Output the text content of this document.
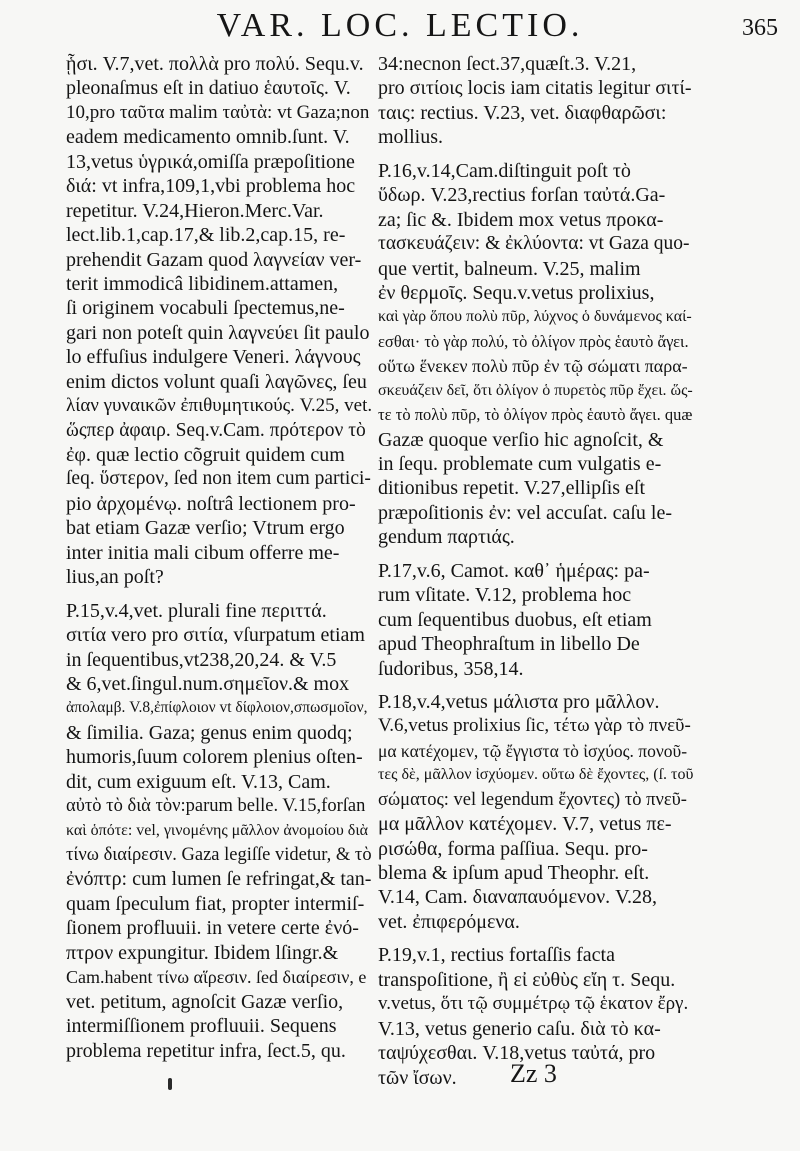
VAR. LOC. LECTIO.	365
ᾗσι. V.7,vet. πολλὰ pro πολύ. Sequ.v.
pleonaſmus eſt in datiuo ἑαυτοῖς. V.
10,pro ταῦτα malim ταὐτὰ: vt Gaza;non
eadem medicamento omnib.ſunt. V.
13,vetus ὑγρικά,omiſſa præpoſitione
διά: vt infra,109,1,vbi problema hoc
repetitur. V.24,Hieron.Merc.Var.
lect.lib.1,cap.17,& lib.2,cap.15, re-
prehendit Gazam quod λαγνείαν ver-
terit immodicâ libidinem.attamen,
ſi originem vocabuli ſpectemus,ne-
gari non poteſt quin λαγνεύει ſit paulo
lo effuſius indulgere Veneri. λάγνους
enim dictos volunt quaſi λαγῶνες, ſeu
λίαν γυναικῶν ἐπιθυμητικούς. V.25, vet.
ὥςπερ ἀφαιρ. Seq.v.Cam. πρότερον τὸ
ἐφ. quæ lectio cõgruit quidem cum
ſeq. ὕστερον, ſed non item cum partici-
pio ἀρχομένῳ. noſtrâ lectionem pro-
bat etiam Gazæ verſio; Vtrum ergo
inter initia mali cibum offerre me-
lius,an poſt?
P.15,v.4,vet. plurali fine περιττά.
σιτία vero pro σιτία, vſurpatum etiam
in ſequentibus,vt238,20,24. & V.5
& 6,vet.ſingul.num.σημεῖον.& mox
ἀπολαμβ. V.8,ἐπίφλοιον vt δίφλοιον,σπωσμοῖον,
& ſimilia. Gaza; genus enim quodq;
humoris,ſuum colorem plenius oſten-
dit, cum exiguum eſt. V.13, Cam.
αὐτὸ τὸ διὰ τὸν:parum belle. V.15,forſan
καὶ ὁπότε: vel, γινομένης μᾶλλον ἀνομοίου διὰ
τίνω διαίρεσιν. Gaza legiſſe videtur, & τὸ
ἐνόπτρ: cum lumen ſe refringat,& tan-
quam ſpeculum fiat, propter intermiſ-
ſionem profluuii. in vetere certe ἐνό-
πτρον expungitur. Ibidem lſingr.&
Cam.habent τίνω αἵρεσιν. ſed διαίρεσιν, e
vet. petitum, agnoſcit Gazæ verſio,
intermiſſionem profluuii. Sequens
problema repetitur infra, ſect.5, qu.
34:necnon ſect.37,quæſt.3. V.21,
pro σιτίοις locis iam citatis legitur σιτί-
ταις: rectius. V.23, vet. διαφθαρῶσι:
mollius.
P.16,v.14,Cam.diſtinguit poſt τὸ
ὕδωρ. V.23,rectius forſan ταὐτά.Ga-
za; ſic &. Ibidem mox vetus προκα-
τασκευάζειν: & ἐκλύοντα: vt Gaza quo-
que vertit, balneum. V.25, malim
ἐν θερμοῖς. Sequ.v.vetus prolixius,
καὶ γὰρ ὅπου πολὺ πῦρ, λύχνος ὁ δυνάμενος καί-
εσθαι· τὸ γὰρ πολύ, τὸ ὀλίγον πρὸς ἑαυτὸ ἄγει.
οὕτω ἕνεκεν πολὺ πῦρ ἐν τῷ σώματι παρα-
σκευάζειν δεῖ, ὅτι ὀλίγον ὁ πυρετὸς πῦρ ἔχει. ὥς-
τε τὸ πολὺ πῦρ, τὸ ὀλίγον πρὸς ἑαυτὸ ἄγει. quæ
Gazæ quoque verſio hic agnoſcit, &
in ſequ. problemate cum vulgatis e-
ditionibus repetit. V.27,ellipſis eſt
præpoſitionis ἐν: vel accuſat. caſu le-
gendum παρτιάς.
P.17,v.6, Camot. καθ᾽ ἡμέρας: pa-
rum vſitate. V.12, problema hoc
cum ſequentibus duobus, eſt etiam
apud Theophraſtum in libello De
ſudoribus, 358,14.
P.18,v.4,vetus μάλιστα pro μᾶλλον.
V.6,vetus prolixius ſic, τέτω γὰρ τὸ πνεῦ-
μα κατέχομεν, τῷ ἔγγιστα τὸ ἰσχύος. πονοῦ-
τες δὲ, μᾶλλον ἰσχύομεν. οὕτω δὲ ἔχοντες, (ſ. τοῦ
σώματος: vel legendum ἔχοντες) τὸ πνεῦ-
μα μᾶλλον κατέχομεν. V.7, vetus πε-
ρισώθα, forma paſſiua. Sequ. pro-
blema & ipſum apud Theophr. eſt.
V.14, Cam. διαναπαυόμενον. V.28,
vet. ἐπιφερόμενα.
P.19,v.1, rectius fortaſſis facta
transpoſitione, ἢ εἰ εὐθὺς εἴη τ. Sequ.
v.vetus, ὅτι τῷ συμμέτρῳ τῷ ἑκατον ἔργ.
V.13, vetus generio caſu. διὰ τὸ κα-
ταψύχεσθαι. V.18,vetus ταὐτά, pro
τῶν ἴσων.	Zz 3
